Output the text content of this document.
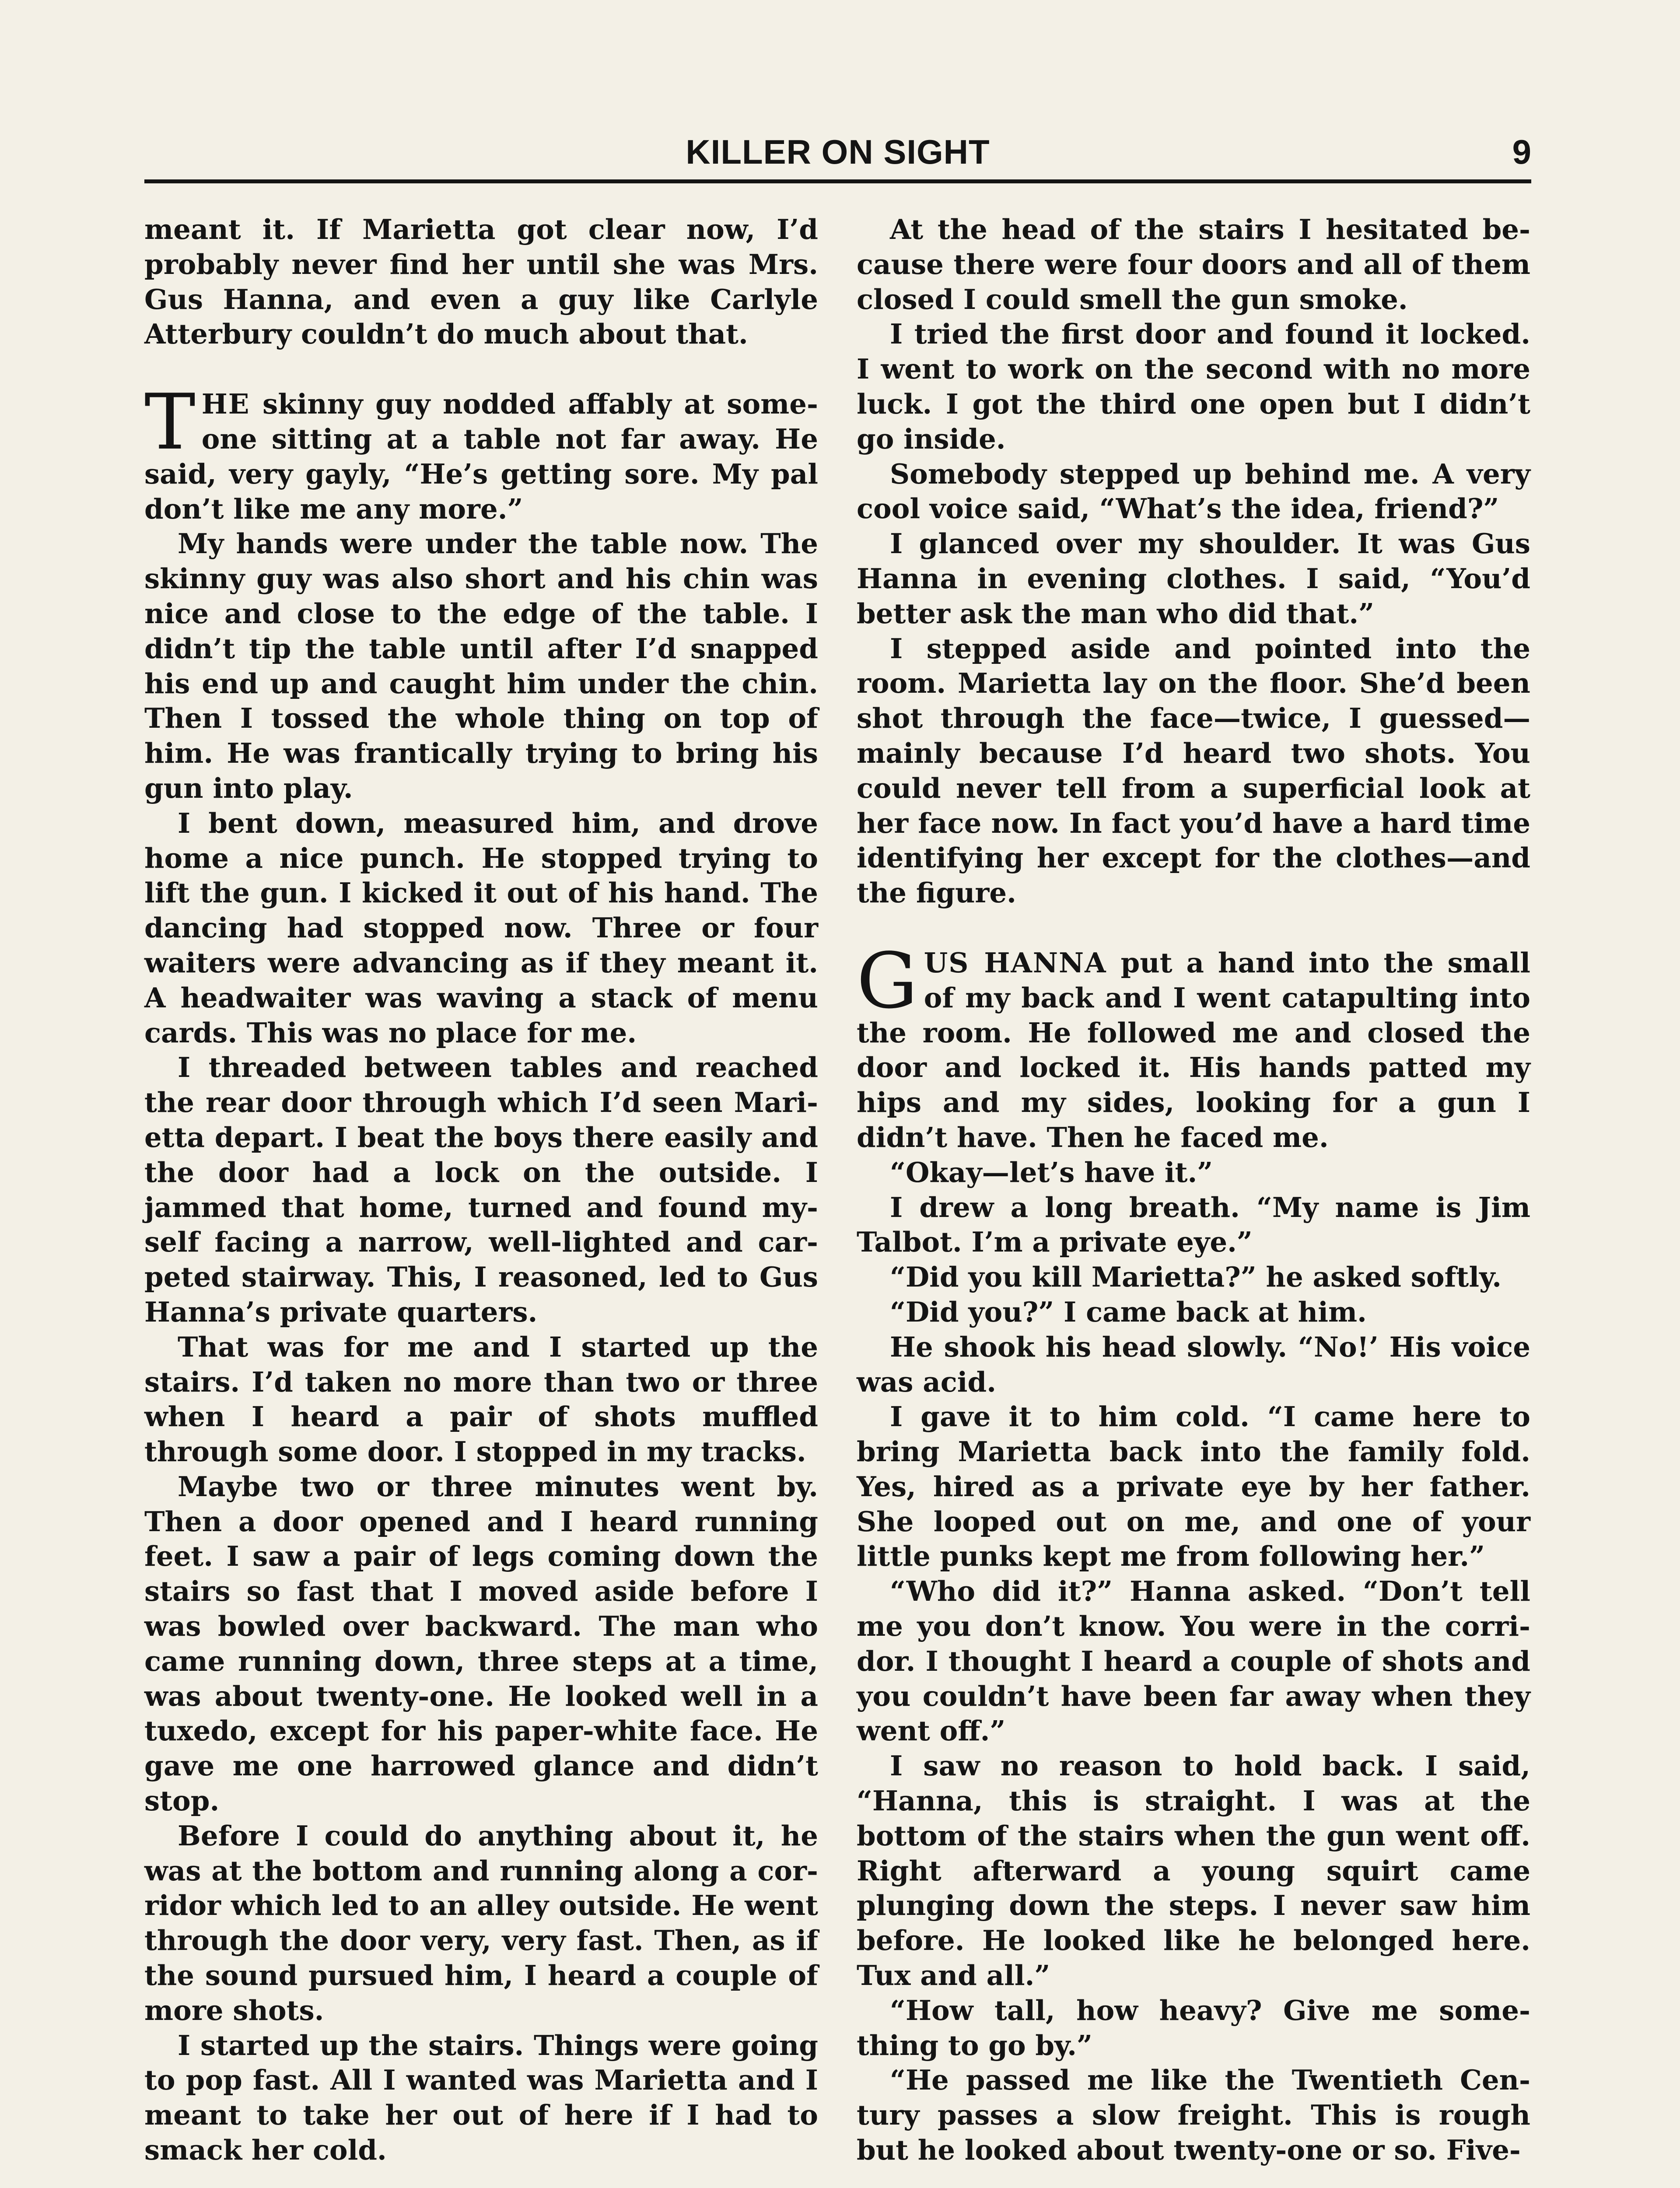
KILLER ON SIGHT	9

meant it. If Marietta got clear now, I’d probably never find her until she was Mrs. Gus Hanna, and even a guy like Carlyle Atterbury couldn’t do much about that.

THE skinny guy nodded affably at someone sitting at a table not far away. He said, very gayly, “He’s getting sore. My pal don’t like me any more.”

My hands were under the table now. The skinny guy was also short and his chin was nice and close to the edge of the table. I didn’t tip the table until after I’d snapped his end up and caught him under the chin. Then I tossed the whole thing on top of him. He was frantically trying to bring his gun into play.

I bent down, measured him, and drove home a nice punch. He stopped trying to lift the gun. I kicked it out of his hand. The dancing had stopped now. Three or four waiters were advancing as if they meant it. A headwaiter was waving a stack of menu cards. This was no place for me.

I threaded between tables and reached the rear door through which I’d seen Marietta depart. I beat the boys there easily and the door had a lock on the outside. I jammed that home, turned and found myself facing a narrow, well-lighted and carpeted stairway. This, I reasoned, led to Gus Hanna’s private quarters.

That was for me and I started up the stairs. I’d taken no more than two or three when I heard a pair of shots muffled through some door. I stopped in my tracks.

Maybe two or three minutes went by. Then a door opened and I heard running feet. I saw a pair of legs coming down the stairs so fast that I moved aside before I was bowled over backward. The man who came running down, three steps at a time, was about twenty-one. He looked well in a tuxedo, except for his paper-white face. He gave me one harrowed glance and didn’t stop.

Before I could do anything about it, he was at the bottom and running along a corridor which led to an alley outside. He went through the door very, very fast. Then, as if the sound pursued him, I heard a couple of more shots.

I started up the stairs. Things were going to pop fast. All I wanted was Marietta and I meant to take her out of here if I had to smack her cold.

At the head of the stairs I hesitated because there were four doors and all of them closed I could smell the gun smoke.

I tried the first door and found it locked. I went to work on the second with no more luck. I got the third one open but I didn’t go inside.

Somebody stepped up behind me. A very cool voice said, “What’s the idea, friend?”

I glanced over my shoulder. It was Gus Hanna in evening clothes. I said, “You’d better ask the man who did that.”

I stepped aside and pointed into the room. Marietta lay on the floor. She’d been shot through the face—twice, I guessed—mainly because I’d heard two shots. You could never tell from a superficial look at her face now. In fact you’d have a hard time identifying her except for the clothes—and the figure.

GUS HANNA put a hand into the small of my back and I went catapulting into the room. He followed me and closed the door and locked it. His hands patted my hips and my sides, looking for a gun I didn’t have. Then he faced me.

“Okay—let’s have it.”

I drew a long breath. “My name is Jim Talbot. I’m a private eye.”

“Did you kill Marietta?” he asked softly.

“Did you?” I came back at him.

He shook his head slowly. “No!’ His voice was acid.

I gave it to him cold. “I came here to bring Marietta back into the family fold. Yes, hired as a private eye by her father. She looped out on me, and one of your little punks kept me from following her.”

“Who did it?” Hanna asked. “Don’t tell me you don’t know. You were in the corridor. I thought I heard a couple of shots and you couldn’t have been far away when they went off.”

I saw no reason to hold back. I said, “Hanna, this is straight. I was at the bottom of the stairs when the gun went off. Right afterward a young squirt came plunging down the steps. I never saw him before. He looked like he belonged here. Tux and all.”

“How tall, how heavy? Give me something to go by.”

“He passed me like the Twentieth Century passes a slow freight. This is rough but he looked about twenty-one or so. Five-
